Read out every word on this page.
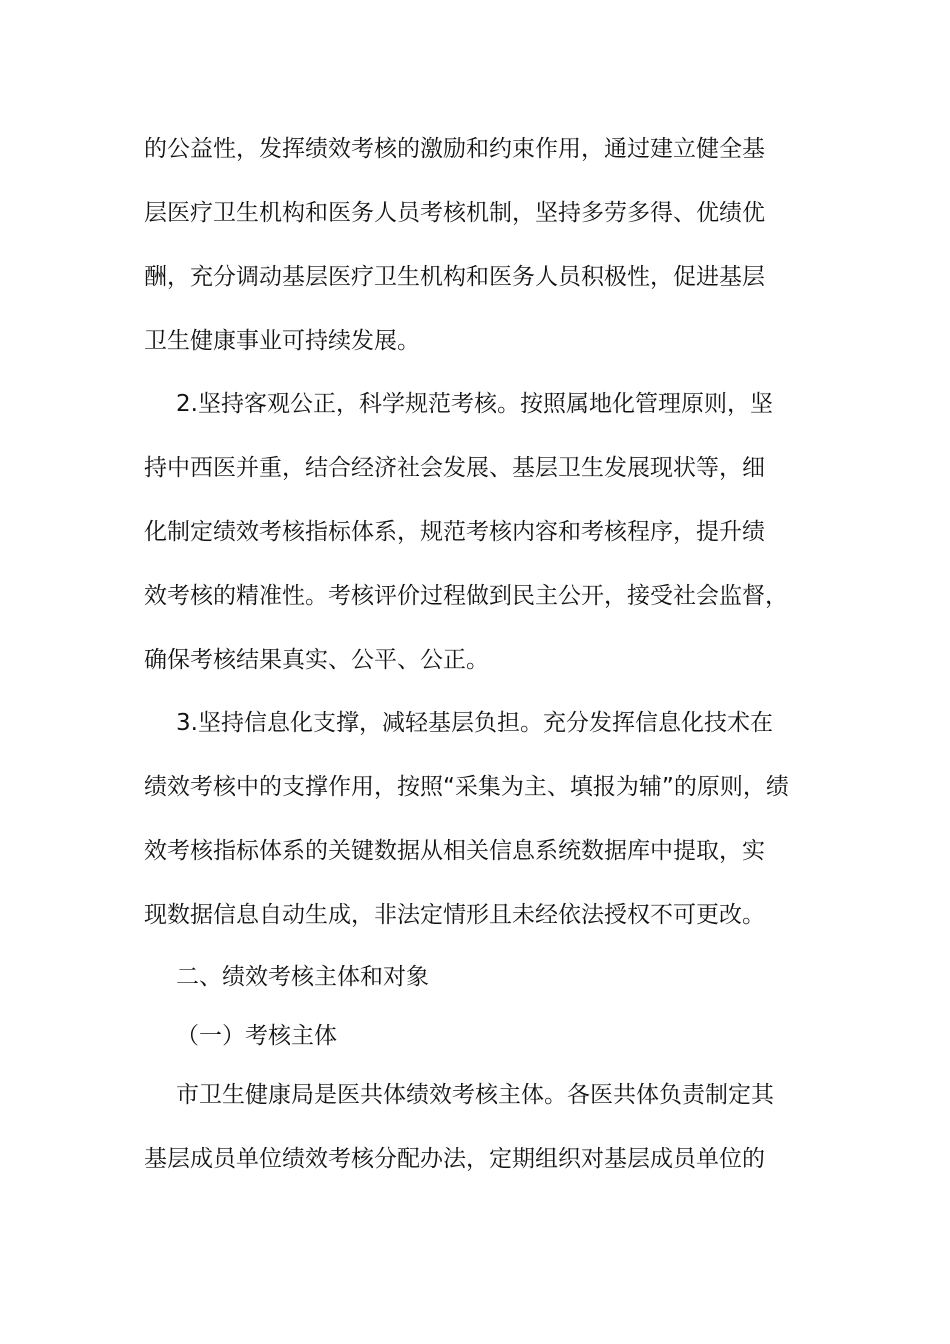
的公益性，发挥绩效考核的激励和约束作用，通过建立健全基
层医疗卫生机构和医务人员考核机制，坚持多劳多得、优绩优
酬，充分调动基层医疗卫生机构和医务人员积极性，促进基层
卫生健康事业可持续发展。
2.坚持客观公正，科学规范考核。按照属地化管理原则，坚
持中西医并重，结合经济社会发展、基层卫生发展现状等，细
化制定绩效考核指标体系，规范考核内容和考核程序，提升绩
效考核的精准性。考核评价过程做到民主公开，接受社会监督，
确保考核结果真实、公平、公正。
3.坚持信息化支撑，减轻基层负担。充分发挥信息化技术在
绩效考核中的支撑作用，按照“采集为主、填报为辅”的原则，绩
效考核指标体系的关键数据从相关信息系统数据库中提取，实
现数据信息自动生成，非法定情形且未经依法授权不可更改。
二、绩效考核主体和对象
（一）考核主体
市卫生健康局是医共体绩效考核主体。各医共体负责制定其
基层成员单位绩效考核分配办法，定期组织对基层成员单位的
